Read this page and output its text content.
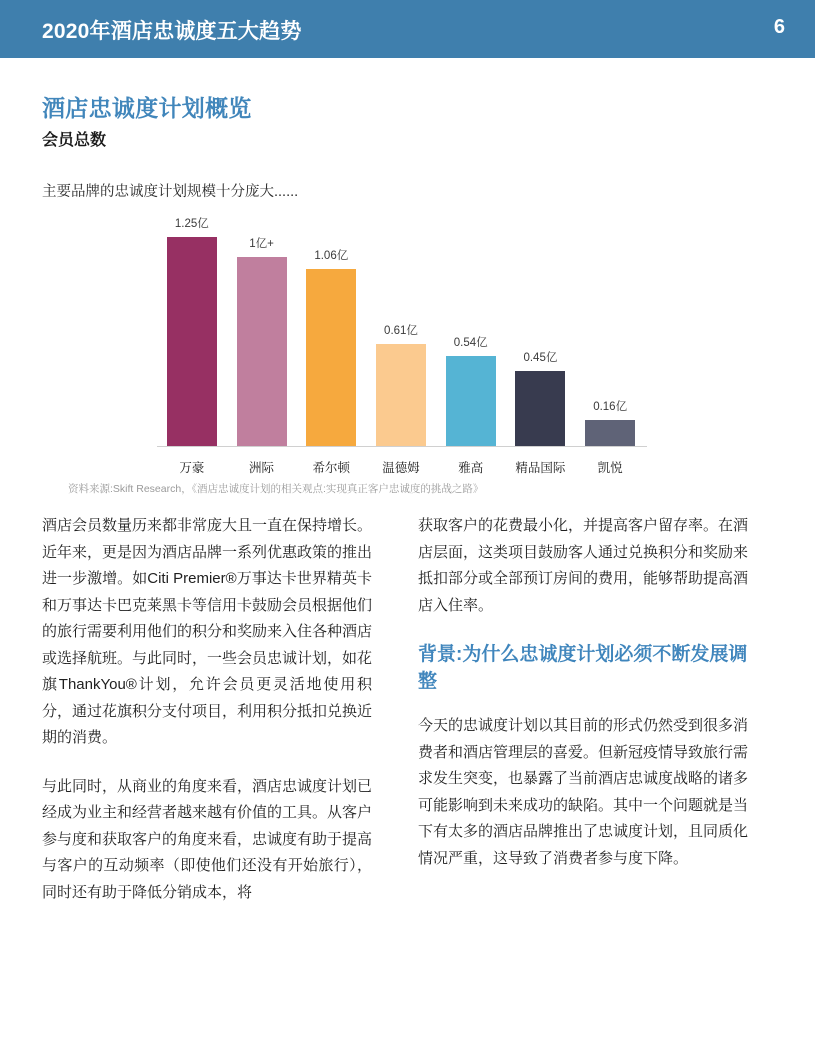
2020年酒店忠诚度五大趋势	6
酒店忠诚度计划概览
会员总数
主要品牌的忠诚度计划规模十分庞大......
1.25亿
1亿+
1.06亿
0.61亿
0.54亿
0.45亿
0.16亿
万豪	洲际	希尔顿	温德姆	雅高	精品国际	凯悦
资料来源:Skift Research，《酒店忠诚度计划的相关观点:实现真正客户忠诚度的挑战之路》

酒店会员数量历来都非常庞大且一直在保持增长。近年来，更是因为酒店品牌一系列优惠政策的推出进一步激增。如Citi Premier®万事达卡世界精英卡和万事达卡巴克莱黑卡等信用卡鼓励会员根据他们的旅行需要利用他们的积分和奖励来入住各种酒店或选择航班。与此同时，一些会员忠诚计划，如花旗ThankYou®计划，允许会员更灵活地使用积分，通过花旗积分支付项目，利用积分抵扣兑换近期的消费。

与此同时，从商业的角度来看，酒店忠诚度计划已经成为业主和经营者越来越有价值的工具。从客户参与度和获取客户的角度来看，忠诚度有助于提高与客户的互动频率（即使他们还没有开始旅行），同时还有助于降低分销成本，将

获取客户的花费最小化，并提高客户留存率。在酒店层面，这类项目鼓励客人通过兑换积分和奖励来抵扣部分或全部预订房间的费用，能够帮助提高酒店入住率。

背景:为什么忠诚度计划必须不断发展调整

今天的忠诚度计划以其目前的形式仍然受到很多消费者和酒店管理层的喜爱。但新冠疫情导致旅行需求发生突变，也暴露了当前酒店忠诚度战略的诸多可能影响到未来成功的缺陷。其中一个问题就是当下有太多的酒店品牌推出了忠诚度计划，且同质化情况严重，这导致了消费者参与度下降。
